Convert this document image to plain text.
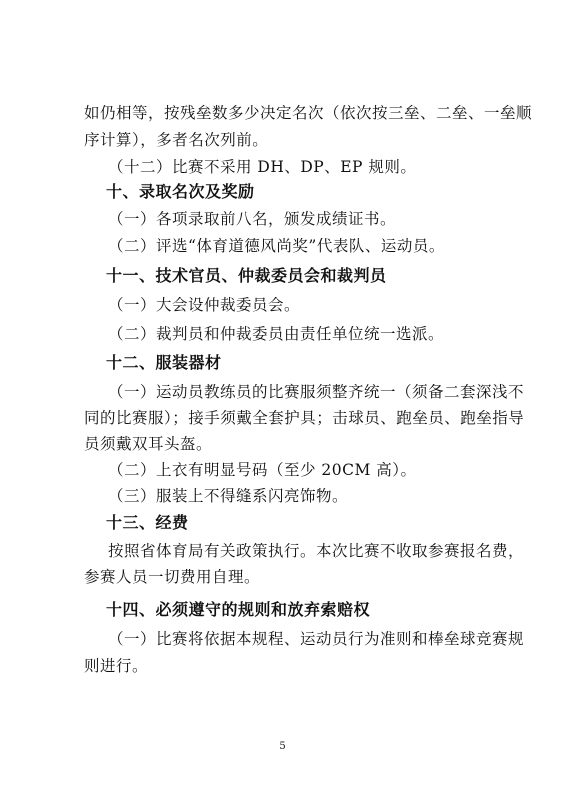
如仍相等，按残垒数多少决定名次（依次按三垒、二垒、一垒顺
序计算），多者名次列前。
（十二）比赛不采用 DH、DP、EP 规则。
十、录取名次及奖励
（一）各项录取前八名，颁发成绩证书。
（二）评选“体育道德风尚奖”代表队、运动员。
十一、技术官员、仲裁委员会和裁判员
（一）大会设仲裁委员会。
（二）裁判员和仲裁委员由责任单位统一选派。
十二、服装器材
（一）运动员教练员的比赛服须整齐统一（须备二套深浅不
同的比赛服）；接手须戴全套护具；击球员、跑垒员、跑垒指导
员须戴双耳头盔。
（二）上衣有明显号码（至少 20CM 高）。
（三）服装上不得缝系闪亮饰物。
十三、经费
按照省体育局有关政策执行。本次比赛不收取参赛报名费，
参赛人员一切费用自理。
十四、必须遵守的规则和放弃索赔权
（一）比赛将依据本规程、运动员行为准则和棒垒球竞赛规
则进行。
5
